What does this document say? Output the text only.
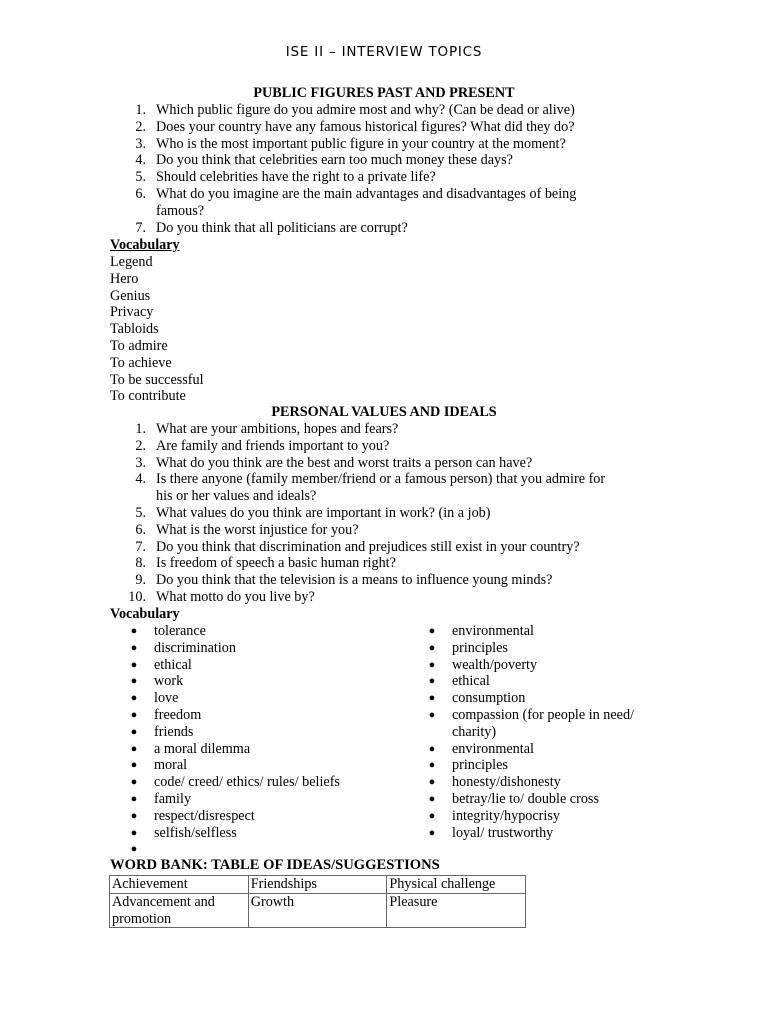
ISE II – INTERVIEW TOPICS
PUBLIC FIGURES PAST AND PRESENT
1. Which public figure do you admire most and why? (Can be dead or alive)
2. Does your country have any famous historical figures? What did they do?
3. Who is the most important public figure in your country at the moment?
4. Do you think that celebrities earn too much money these days?
5. Should celebrities have the right to a private life?
6. What do you imagine are the main advantages and disadvantages of being famous?
7. Do you think that all politicians are corrupt?
Vocabulary
Legend
Hero
Genius
Privacy
Tabloids
To admire
To achieve
To be successful
To contribute
PERSONAL VALUES AND IDEALS
1. What are your ambitions, hopes and fears?
2. Are family and friends important to you?
3. What do you think are the best and worst traits a person can have?
4. Is there anyone (family member/friend or a famous person) that you admire for his or her values and ideals?
5. What values do you think are important in work? (in a job)
6. What is the worst injustice for you?
7. Do you think that discrimination and prejudices still exist in your country?
8. Is freedom of speech a basic human right?
9. Do you think that the television is a means to influence young minds?
10. What motto do you live by?
Vocabulary
● tolerance
● discrimination
● ethical
● work
● love
● freedom
● friends
● a moral dilemma
● moral
● code/ creed/ ethics/ rules/ beliefs
● family
● respect/disrespect
● selfish/selfless
●
● environmental
● principles
● wealth/poverty
● ethical
● consumption
● compassion (for people in need/ charity)
● environmental
● principles
● honesty/dishonesty
● betray/lie to/ double cross
● integrity/hypocrisy
● loyal/ trustworthy
WORD BANK: TABLE OF IDEAS/SUGGESTIONS
Achievement	Friendships	Physical challenge
Advancement and promotion	Growth	Pleasure
